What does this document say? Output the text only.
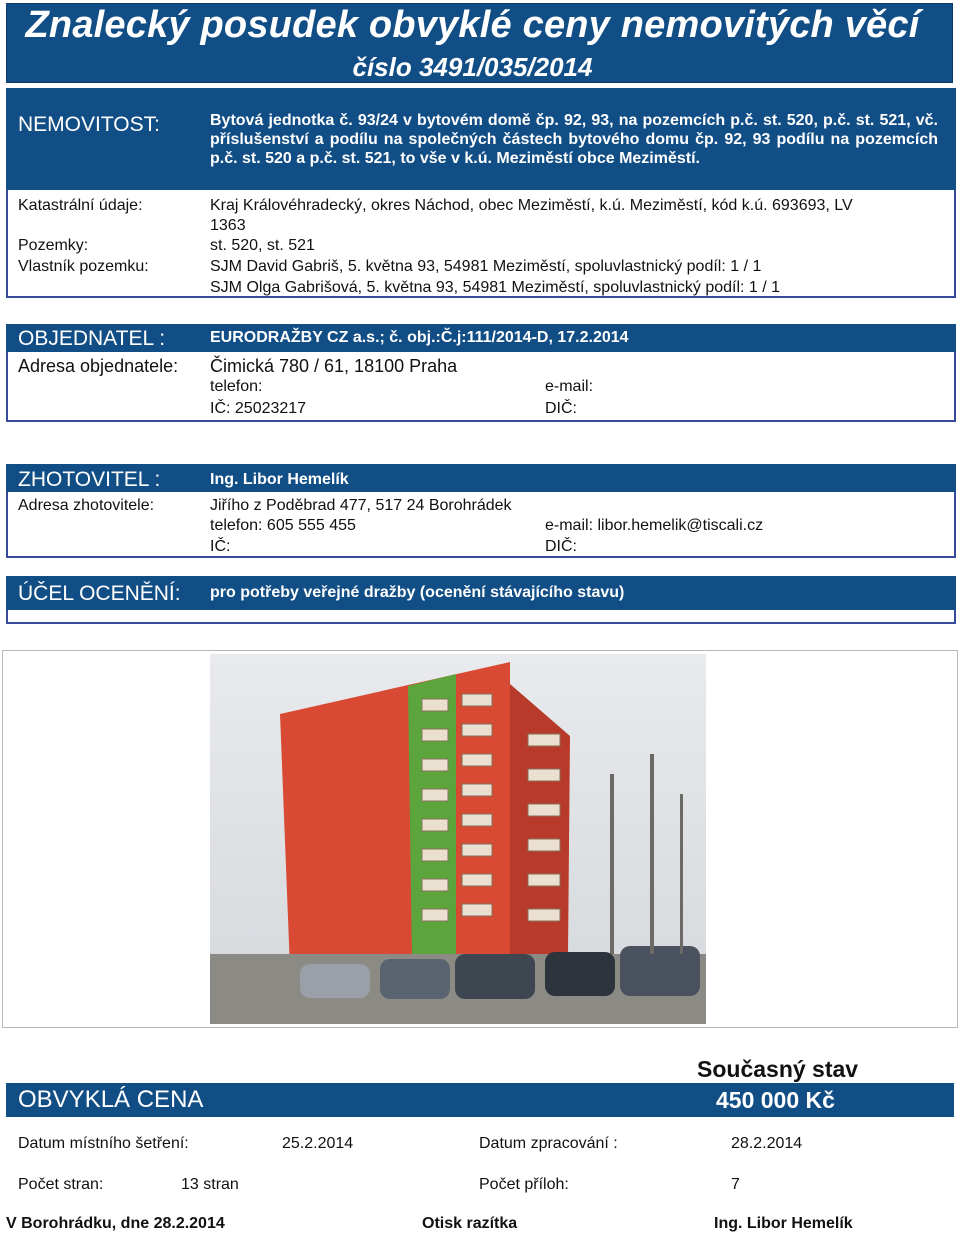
Znalecký posudek obvyklé ceny nemovitých věcí
číslo 3491/035/2014
NEMOVITOST:	Bytová jednotka č. 93/24 v bytovém domě čp. 92, 93, na pozemcích p.č. st. 520, p.č. st. 521, vč. příslušenství a podílu na společných částech bytového domu čp. 92, 93 podílu na pozemcích p.č. st. 520 a p.č. st. 521, to vše v k.ú. Meziměstí obce Meziměstí.
Katastrální údaje:	Kraj Královéhradecký, okres Náchod, obec Meziměstí, k.ú. Meziměstí, kód k.ú. 693693, LV
1363
Pozemky:	st. 520, st. 521
Vlastník pozemku:	SJM David Gabriš, 5. května 93, 54981 Meziměstí, spoluvlastnický podíl: 1 / 1
SJM Olga Gabrišová, 5. května 93, 54981 Meziměstí, spoluvlastnický podíl: 1 / 1
OBJEDNATEL :	EURODRAŽBY CZ a.s.; č. obj.:Č.j:111/2014-D, 17.2.2014
Adresa objednatele: Čimická 780 / 61, 18100 Praha
telefon:	e-mail:
IČ: 25023217	DIČ:
ZHOTOVITEL :	Ing. Libor Hemelík
Adresa zhotovitele:	Jiřího z Poděbrad 477, 517 24 Borohrádek
telefon: 605 555 455	e-mail: libor.hemelik@tiscali.cz
IČ:	DIČ:
ÚČEL OCENĚNÍ: pro potřeby veřejné dražby (ocenění stávajícího stavu)
Současný stav
OBVYKLÁ CENA	450 000 Kč
Datum místního šetření:	25.2.2014	Datum zpracování :	28.2.2014
Počet stran:	13 stran	Počet příloh:	7
V Borohrádku, dne 28.2.2014	Otisk razítka	Ing. Libor Hemelík
